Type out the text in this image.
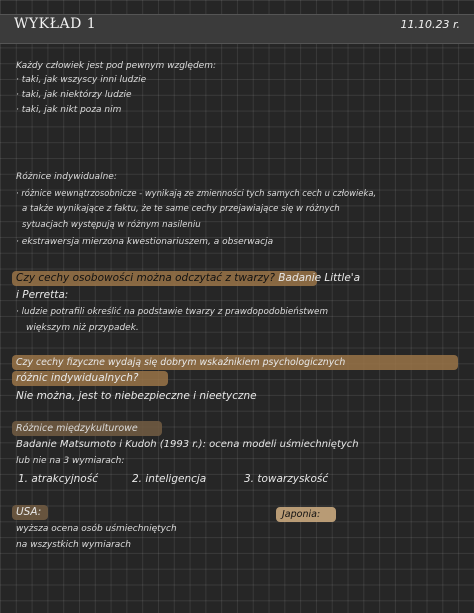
WYKŁAD 1	11.10.23 r.
Każdy człowiek jest pod pewnym względem:
· taki, jak wszyscy inni ludzie
· taki, jak niektórzy ludzie
· taki, jak nikt poza nim
Różnice indywidualne:
· różnice wewnątrzosobnicze - wynikają ze zmienności tych samych cech u człowieka,
a także wynikające z faktu, że te same cechy przejawiające się w różnych
sytuacjach występują w różnym nasileniu
· ekstrawersja mierzona kwestionariuszem, a obserwacja
Czy cechy osobowości można odczytać z twarzy? Badanie Little'a
i Perretta:
· ludzie potrafili określić na podstawie twarzy z prawdopodobieństwem
większym niż przypadek.
Czy cechy fizyczne wydają się dobrym wskaźnikiem psychologicznych
różnic indywidualnych?
Nie można, jest to niebezpieczne i nieetyczne
Różnice międzykulturowe
Badanie Matsumoto i Kudoh (1993 r.): ocena modeli uśmiechniętych
lub nie na 3 wymiarach:
1. atrakcyjność	2. inteligencja	3. towarzyskość
USA:	Japonia:
wyższa ocena osób uśmiechniętych
na wszystkich wymiarach
